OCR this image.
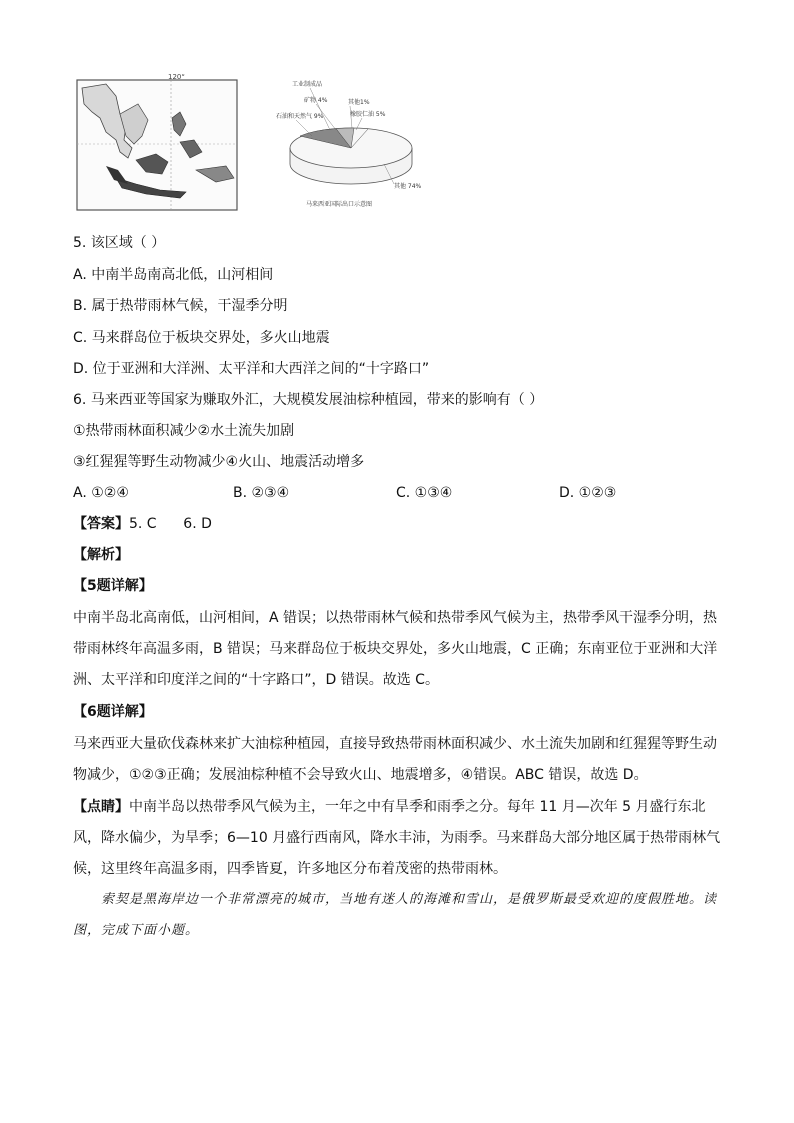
120°
工业制成品
矿物 4%
石油和天然气 9%
其他1%
橡胶仁油 5%
其他 74%
马来西亚国际出口示意图
5. 该区域（ ）
A. 中南半岛南高北低，山河相间
B. 属于热带雨林气候，干湿季分明
C. 马来群岛位于板块交界处，多火山地震
D. 位于亚洲和大洋洲、太平洋和大西洋之间的“十字路口”
6. 马来西亚等国家为赚取外汇，大规模发展油棕种植园，带来的影响有（ ）
①热带雨林面积减少②水土流失加剧
③红猩猩等野生动物减少④火山、地震活动增多
A. ①②④	B. ②③④	C. ①③④	D. ①②③
【答案】5. C      6. D
【解析】
【5题详解】
中南半岛北高南低，山河相间，A 错误；以热带雨林气候和热带季风气候为主，热带季风干湿季分明，热
带雨林终年高温多雨，B 错误；马来群岛位于板块交界处，多火山地震，C 正确；东南亚位于亚洲和大洋
洲、太平洋和印度洋之间的“十字路口”，D 错误。故选 C。
【6题详解】
马来西亚大量砍伐森林来扩大油棕种植园，直接导致热带雨林面积减少、水土流失加剧和红猩猩等野生动
物减少，①②③正确；发展油棕种植不会导致火山、地震增多，④错误。ABC 错误，故选 D。
【点睛】中南半岛以热带季风气候为主，一年之中有旱季和雨季之分。每年 11 月—次年 5 月盛行东北
风，降水偏少，为旱季；6—10 月盛行西南风，降水丰沛，为雨季。马来群岛大部分地区属于热带雨林气
候，这里终年高温多雨，四季皆夏，许多地区分布着茂密的热带雨林。
　　索契是黑海岸边一个非常漂亮的城市，当地有迷人的海滩和雪山，是俄罗斯最受欢迎的度假胜地。读
图，完成下面小题。
